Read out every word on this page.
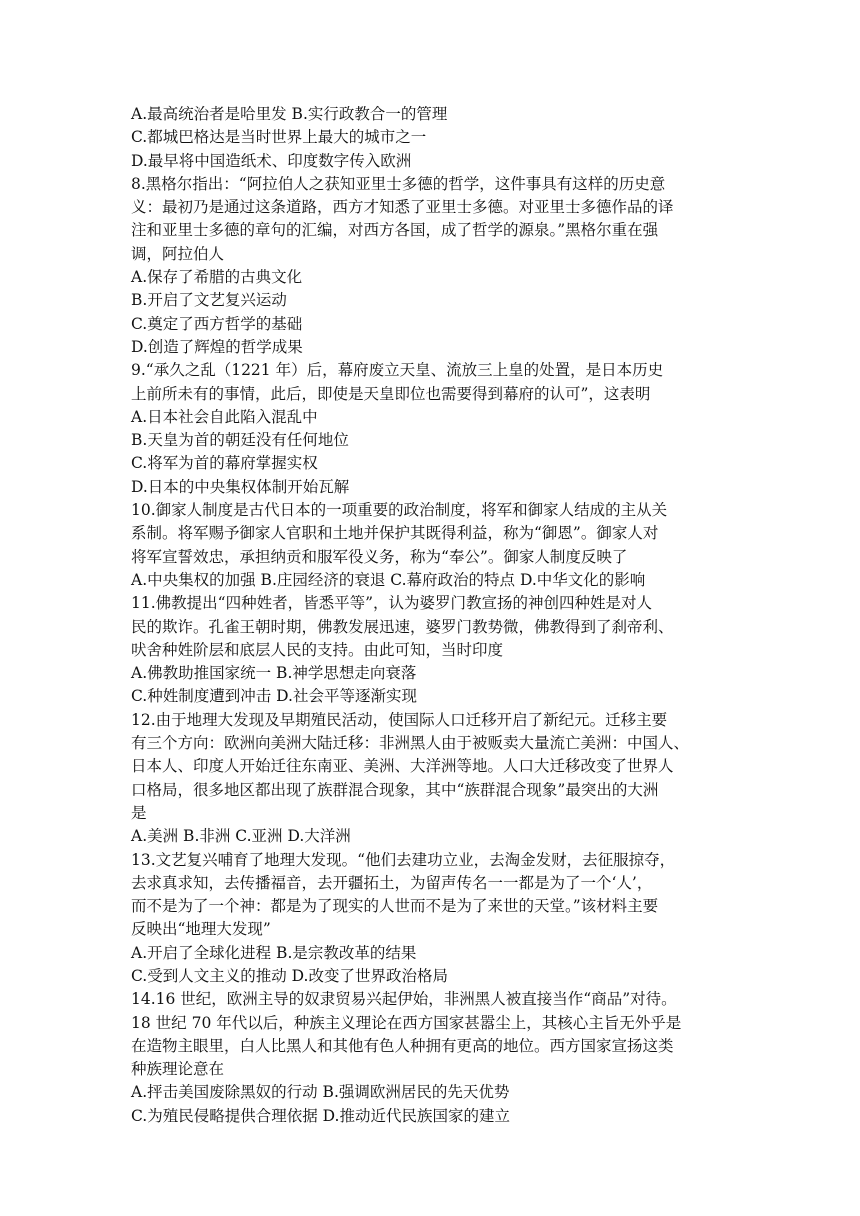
A.最高统治者是哈里发 B.实行政教合一的管理
C.都城巴格达是当时世界上最大的城市之一
D.最早将中国造纸术、印度数字传入欧洲
8.黑格尔指出：“阿拉伯人之获知亚里士多德的哲学，这件事具有这样的历史意
义：最初乃是通过这条道路，西方才知悉了亚里士多德。对亚里士多德作品的译
注和亚里士多德的章句的汇编，对西方各国，成了哲学的源泉。”黑格尔重在强
调，阿拉伯人
A.保存了希腊的古典文化
B.开启了文艺复兴运动
C.奠定了西方哲学的基础
D.创造了辉煌的哲学成果
9.“承久之乱（1221 年）后，幕府废立天皇、流放三上皇的处置，是日本历史
上前所未有的事情，此后，即使是天皇即位也需要得到幕府的认可”，这表明
A.日本社会自此陷入混乱中
B.天皇为首的朝廷没有任何地位
C.将军为首的幕府掌握实权
D.日本的中央集权体制开始瓦解
10.御家人制度是古代日本的一项重要的政治制度，将军和御家人结成的主从关
系制。将军赐予御家人官职和土地并保护其既得利益，称为“御恩”。御家人对
将军宣誓效忠，承担纳贡和服军役义务，称为“奉公”。御家人制度反映了
A.中央集权的加强 B.庄园经济的衰退 C.幕府政治的特点 D.中华文化的影响
11.佛教提出“四种姓者，皆悉平等”，认为婆罗门教宣扬的神创四种姓是对人
民的欺诈。孔雀王朝时期，佛教发展迅速，婆罗门教势微，佛教得到了刹帝利、
吠舍种姓阶层和底层人民的支持。由此可知，当时印度
A.佛教助推国家统一 B.神学思想走向衰落
C.种姓制度遭到冲击 D.社会平等逐渐实现
12.由于地理大发现及早期殖民活动，使国际人口迁移开启了新纪元。迁移主要
有三个方向：欧洲向美洲大陆迁移：非洲黑人由于被贩卖大量流亡美洲：中国人、
日本人、印度人开始迁往东南亚、美洲、大洋洲等地。人口大迁移改变了世界人
口格局，很多地区都出现了族群混合现象，其中“族群混合现象”最突出的大洲
是
A.美洲 B.非洲 C.亚洲 D.大洋洲
13.文艺复兴哺育了地理大发现。“他们去建功立业，去淘金发财，去征服掠夺，
去求真求知，去传播福音，去开疆拓土，为留声传名一一都是为了一个‘人’，
而不是为了一个神：都是为了现实的人世而不是为了来世的天堂。”该材料主要
反映出“地理大发现”
A.开启了全球化进程 B.是宗教改革的结果
C.受到人文主义的推动 D.改变了世界政治格局
14.16 世纪，欧洲主导的奴隶贸易兴起伊始，非洲黑人被直接当作“商品”对待。
18 世纪 70 年代以后，种族主义理论在西方国家甚嚣尘上，其核心主旨无外乎是
在造物主眼里，白人比黑人和其他有色人种拥有更高的地位。西方国家宣扬这类
种族理论意在
A.抨击美国废除黑奴的行动 B.强调欧洲居民的先天优势
C.为殖民侵略提供合理依据 D.推动近代民族国家的建立
